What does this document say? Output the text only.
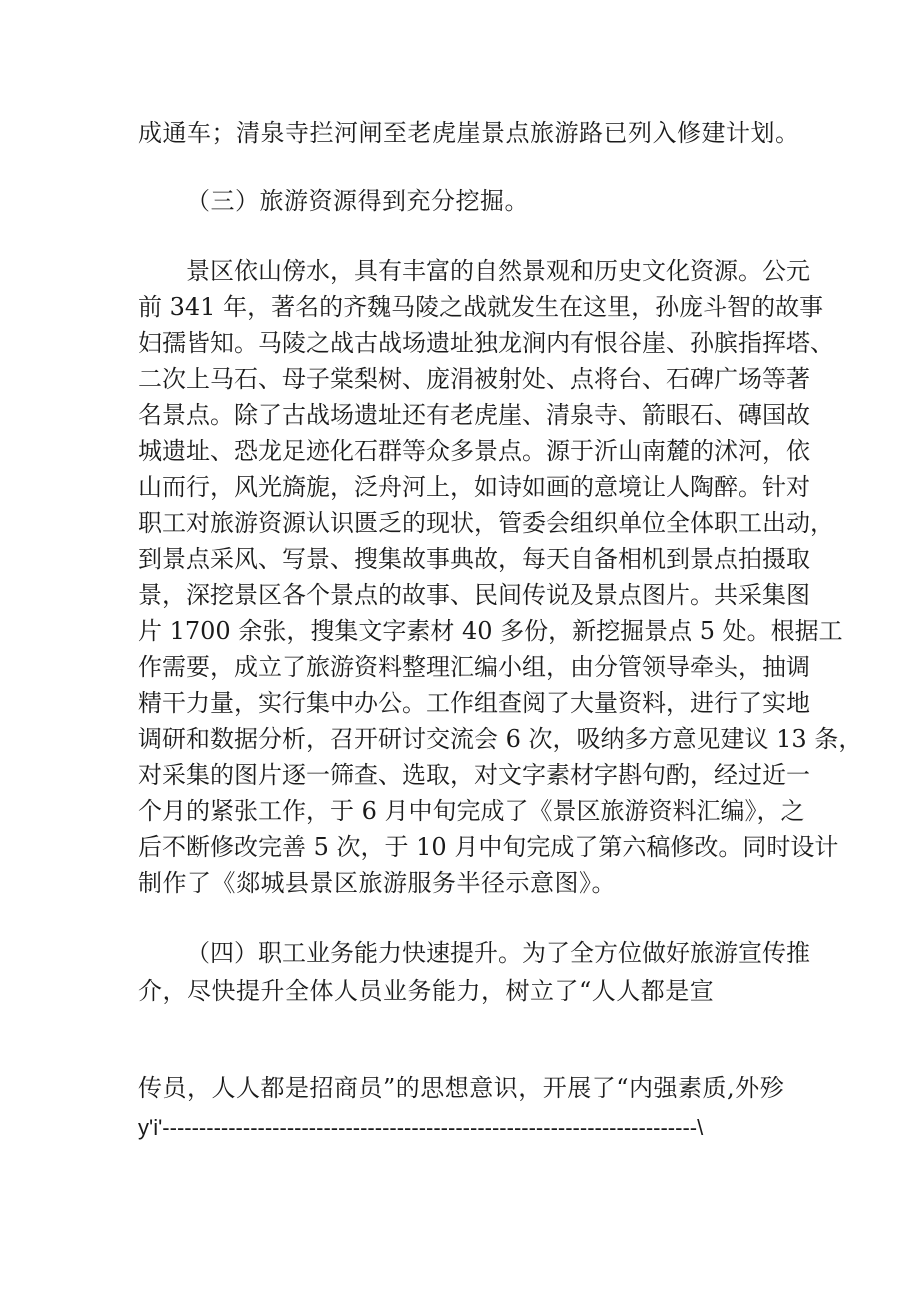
成通车；清泉寺拦河闸至老虎崖景点旅游路已列入修建计划。
（三）旅游资源得到充分挖掘。
景区依山傍水，具有丰富的自然景观和历史文化资源。公元
前 341 年，著名的齐魏马陵之战就发生在这里，孙庞斗智的故事
妇孺皆知。马陵之战古战场遗址独龙涧内有恨谷崖、孙膑指挥塔、
二次上马石、母子棠梨树、庞涓被射处、点将台、石碑广场等著
名景点。除了古战场遗址还有老虎崖、清泉寺、箭眼石、磚国故
城遗址、恐龙足迹化石群等众多景点。源于沂山南麓的沭河，依
山而行，风光旖旎，泛舟河上，如诗如画的意境让人陶醉。针对
职工对旅游资源认识匮乏的现状，管委会组织单位全体职工出动，
到景点采风、写景、搜集故事典故，每天自备相机到景点拍摄取
景，深挖景区各个景点的故事、民间传说及景点图片。共采集图
片 1700 余张，搜集文字素材 40 多份，新挖掘景点 5 处。根据工
作需要，成立了旅游资料整理汇编小组，由分管领导牵头，抽调
精干力量，实行集中办公。工作组查阅了大量资料，进行了实地
调研和数据分析，召开研讨交流会 6 次，吸纳多方意见建议 13 条，
对采集的图片逐一筛查、选取，对文字素材字斟句酌，经过近一
个月的紧张工作，于 6 月中旬完成了《景区旅游资料汇编》，之
后不断修改完善 5 次，于 10 月中旬完成了第六稿修改。同时设计
制作了《郯城县景区旅游服务半径示意图》。
（四）职工业务能力快速提升。为了全方位做好旅游宣传推
介，尽快提升全体人员业务能力，树立了“人人都是宣
传员，人人都是招商员”的思想意识，开展了“内强素质,外殄
y'i'-------------------------------------------------------------------------\
